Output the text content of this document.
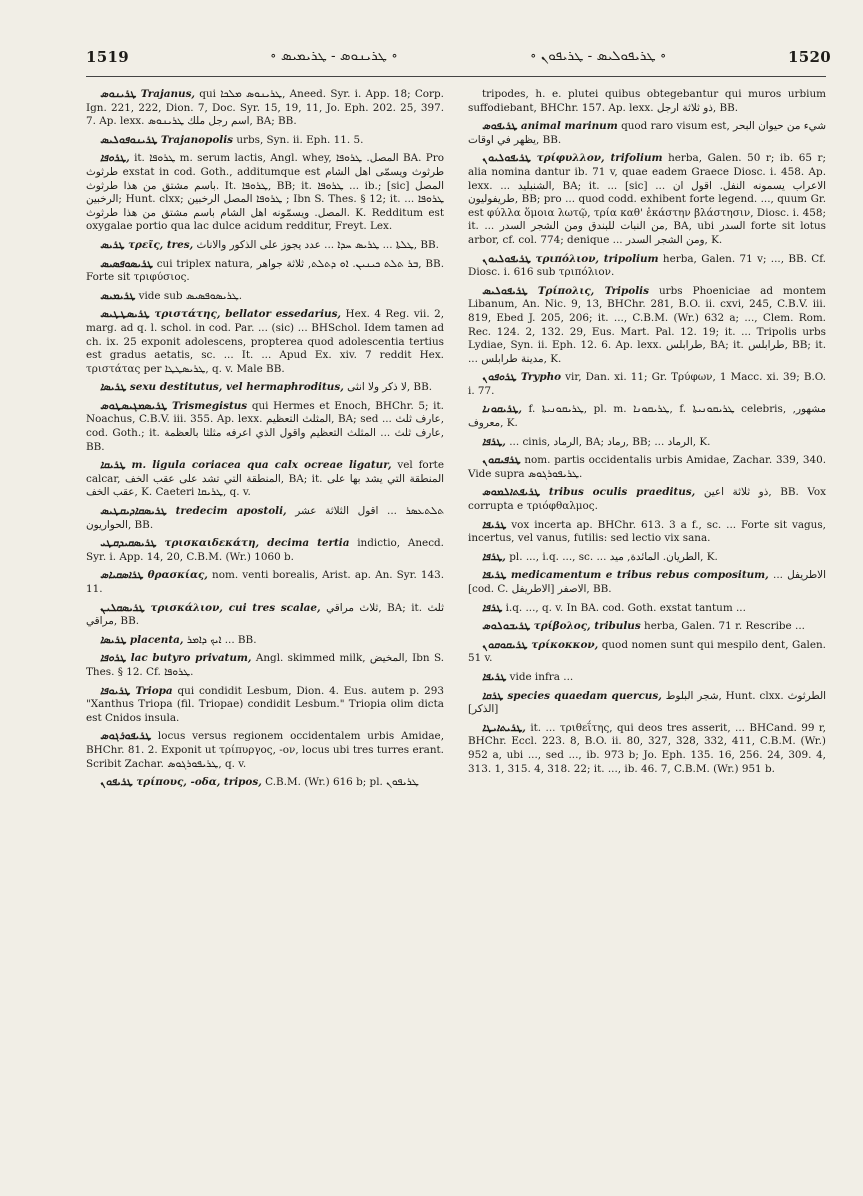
1519	∘ ܛܪܝܢܘܣ - ܛܪܝܡܝܣ ∘	∘ ܛܪܝܦܘܠܝܣ - ܛܪܝܦܘܢ ∘	1520

ܛܪܝܢܘܣ Trajanus, qui ܛܪܝܢܘܣ ܡܠܟܐ, Aneed. Syr. i. App. 18; Corp. Ign. 221, 222, Dion. 7, Doc. Syr. 15, 19, 11, Jo. Eph. 202. 25, 397. 7. Ap. lexx. اسم رجل ملك ܛܪܝܢܘܣ, BA; BB.

ܛܪܝܢܘܦܘܠܝܣ Trajanopolis urbs, Syn. ii. Eph. 11. 5.

ܛܪܘܦܐ, it. ܛܪܘܦܐ m. serum lactis, Angl. whey, المصل. ܛܪܘܦܐ BA. Pro طرثوث exstat in cod. Goth., additumque est طرثوث ويسمّى اهل الشام باسم مشتق من هذا طرثوث. It. ܛܪܘܦܐ, BB; it. ܛܪܘܦܐ ... ib.; [sic] المصل الرخبين; Hunt. clxx; ܛܪܘܦܐ المصل الرخبين ; Ibn S. Thes. § 12; it. ܛܪܘܦܐ ... المصل. ويسمّونه اهل الشام باسم مشتق من هذا طرثوث. K. Redditum est oxygalae portio qua lac dulce acidum redditur, Freyt. Lex.

ܛܪܝܣ τρεῖς, tres, ܛܠܬܐ ... ܛܪܝܣ ܚܕܐ ... عدد يجوز على الذكور والاناث, BB.

ܛܪܝܣܘܦܣܝܣ cui triplex natura, ܒܪ ܬܠܬ ܟܝܢܝܢ. ܐܘ ܕܬܠܬ, ثلاثة جواهر, BB. Forte sit τριφύσιος.

ܛܪܝܡܝܣ vide sub ܛܪܝܣܘܦܣܝܣ.

ܛܪܝܣܛܛܝܣ τριστάτης, bellator essedarius, Hex. 4 Reg. vii. 2, marg. ad q. l. schol. in cod. Par. ... (sic) ... BHSchol. Idem tamen ad ch. ix. 25 exponit adolescens, propterea quod adolescentia tertius est gradus aetatis, sc. ... It. ... Apud Ex. xiv. 7 reddit Hex. τριστάτας per ܛܪܝܣܛܛܐ, q. v. Male BB.

ܛܪܝܣܐ sexu destitutus, vel hermaphroditus, لا ذكر ولا انثى, BB.

ܛܪܝܣܡܓܝܣܛܘܣ Trismegistus qui Hermes et Enoch, BHChr. 5; it. Noachus, C.B.V. iii. 355. Ap. lexx. المثلث التعظيم, BA; sed ... عارف ثلث, cod. Goth.; it. عارف ثلث ... المثلث التعظيم واقول الذي اعرفه مثلثا بالعظمة, BB.

ܛܪܝܩܐ m. ligula coriacea qua calx ocreae ligatur, vel forte calcar, المنطقة التي تشد على عقب الخف, BA; it. المنطقة التي يشد بها على عقب الخف, K. Caeteri ܛܪܝܩܐ, q. v.

ܛܪܝܣܩܐܕܝܩܛܝܣ tredecim apostoli, ܬܠܬܥܣܪ ... اقول الثلاثة عشر الحواريون, BB.

ܛܪܝܣܩܝܕܩܛܝ τρισκαιδεκάτη, decima tertia indictio, Anecd. Syr. i. App. 14, 20, C.B.M. (Wr.) 1060 b.

ܛܪܐܣܩܝܐܣ θρασκίας, nom. venti borealis, Arist. ap. An. Syr. 143. 11.

ܛܪܝܣܩܠܝܢ τρισκάλιον, cui tres scalae, ثلاث مراقي, BA; it. ثلث مراقي, BB.

ܛܪܝܣܐ placenta, ܐܝܟ ܕܐܡܪ ... BB.

ܛܪܘܦܐ lac butyro privatum, Angl. skimmed milk, المخيض, Ibn S. Thes. § 12. Cf. ܛܪܘܦܐ.

ܛܪܝܘܦܐ Triopa qui condidit Lesbum, Dion. 4. Eus. autem p. 293 "Xanthus Triopa (fil. Triopae) condidit Lesbum." Triopia olim dicta est Cnidos insula.

ܛܪܝܦܘܪܓܘܣ locus versus regionem occidentalem urbis Amidae, BHChr. 81. 2. Exponit ut τρίπυργος, -ον, locus ubi tres turres erant. Scribit Zachar. ܛܪܝܦܘܪܓܘܣ, q. v.

ܛܪܝܦܘܢ τρίπους, -οδα, tripos, C.B.M. (Wr.) 616 b; pl. ܛܪܝܦܘܢ

tripodes, h. e. plutei quibus obtegebantur qui muros urbium suffodiebant, BHChr. 157. Ap. lexx. ذو ثلاثة ارجل, BB.

ܛܪܝܦܘܣ animal marinum quod raro visum est, شيء من حيوان البحر يظهر في اوقات, BB.

ܛܪܝܦܘܠܝܘܢ τρίφυλλον, trifolium herba, Galen. 50 r; ib. 65 r; alia nomina dantur ib. 71 v, quae eadem Graece Diosc. i. 458. Ap. lexx. ... الشنبليد, BA; it. ... [sic] ... الاعراب يسمونه النفل. اقول ان طريفوليون, BB; pro ... quod codd. exhibent forte legend. ..., quum Gr. est φύλλα ὅμοια λωτῷ, τρία καθ' ἑκάστην βλάστησιν, Diosc. i. 458; it. ... من النبات للبندق ومن الشجر السدر, BA, ubi السدر forte sit lotus arbor, cf. col. 774; denique ... ومن الشجر السدر, K.

ܛܪܝܦܘܠܝܘܢ τριπόλιον, tripolium herba, Galen. 71 v; ..., BB. Cf. Diosc. i. 616 sub τριπόλιον.

ܛܪܝܦܘܠܝܣ Τρίπολις, Tripolis urbs Phoeniciae ad montem Libanum, An. Nic. 9, 13, BHChr. 281, B.O. ii. cxvi, 245, C.B.V. iii. 819, Ebed J. 205, 206; it. ..., C.B.M. (Wr.) 632 a; ..., Clem. Rom. Rec. 124. 2, 132. 29, Eus. Mart. Pal. 12. 19; it. ... Tripolis urbs Lydiae, Syn. ii. Eph. 12. 6. Ap. lexx. طرابلس, BA; it. طرابلس, BB; it. ... مدينة طرابلس, K.

ܛܪܘܦܘܢ Trypho vir, Dan. xi. 11; Gr. Τρύφων, 1 Macc. xi. 39; B.O. i. 77.

ܛܪܝܩܘܢܐ, f. ܛܪܝܩܘܢܝܬܐ, pl. m. ܛܪܝܩܘܢܐ, f. ܛܪܝܩܘܢܝܬܐ celebris, مشهور, معروف, K.

ܛܪܦܐ, ... cinis, الرماد, BA; رماد, BB; ... الرماد, K.

ܛܪܦܝܩܘܢ nom. partis occidentalis urbis Amidae, Zachar. 339, 340. Vide supra ܛܪܝܦܘܪܓܘܣ.

ܛܪܝܦܬܐܠܡܘܣ tribus oculis praeditus, ذو ثلاثة اعين, BB. Vox corrupta e τριόφθαλμος.

ܛܪܝܦܐ vox incerta ap. BHChr. 613. 3 a f., sc. ... Forte sit vagus, incertus, vel vanus, futilis: sed lectio vix sana.

ܛܪܦܐ, pl. ..., i.q. ..., sc. ... الطريان. المائدة, ميد, K.

ܛܪܝܦܐ medicamentum e tribus rebus compositum, ... الاطريفل [cod. C. الاطريفل] الاصفر, BB.

ܛܪܦܐ i.q. ..., q. v. In BA. cod. Goth. exstat tantum ...

ܛܪܝܒܘܠܘܣ τρίβολος, tribulus herba, Galen. 71 r. Rescribe ...

ܛܪܝܩܘܩܘܢ τρίκοκκον, quod nomen sunt qui mespilo dent, Galen. 51 v.

ܛܪܝܦܐ vide infra ...

ܛܪܩܐ species quaedam quercus, شجر البلوط, Hunt. clxx. الطرثوث [الذكر]

ܛܪܝܬܐܝܛܐ, it. ... τριθεΐτης, qui deos tres asserit, ... BHCand. 99 r, BHChr. Eccl. 223. 8, B.O. ii. 80, 327, 328, 332, 411, C.B.M. (Wr.) 952 a, ubi ..., sed ..., ib. 973 b; Jo. Eph. 135. 16, 256. 24, 309. 4, 313. 1, 315. 4, 318. 22; it. ..., ib. 46. 7, C.B.M. (Wr.) 951 b.
